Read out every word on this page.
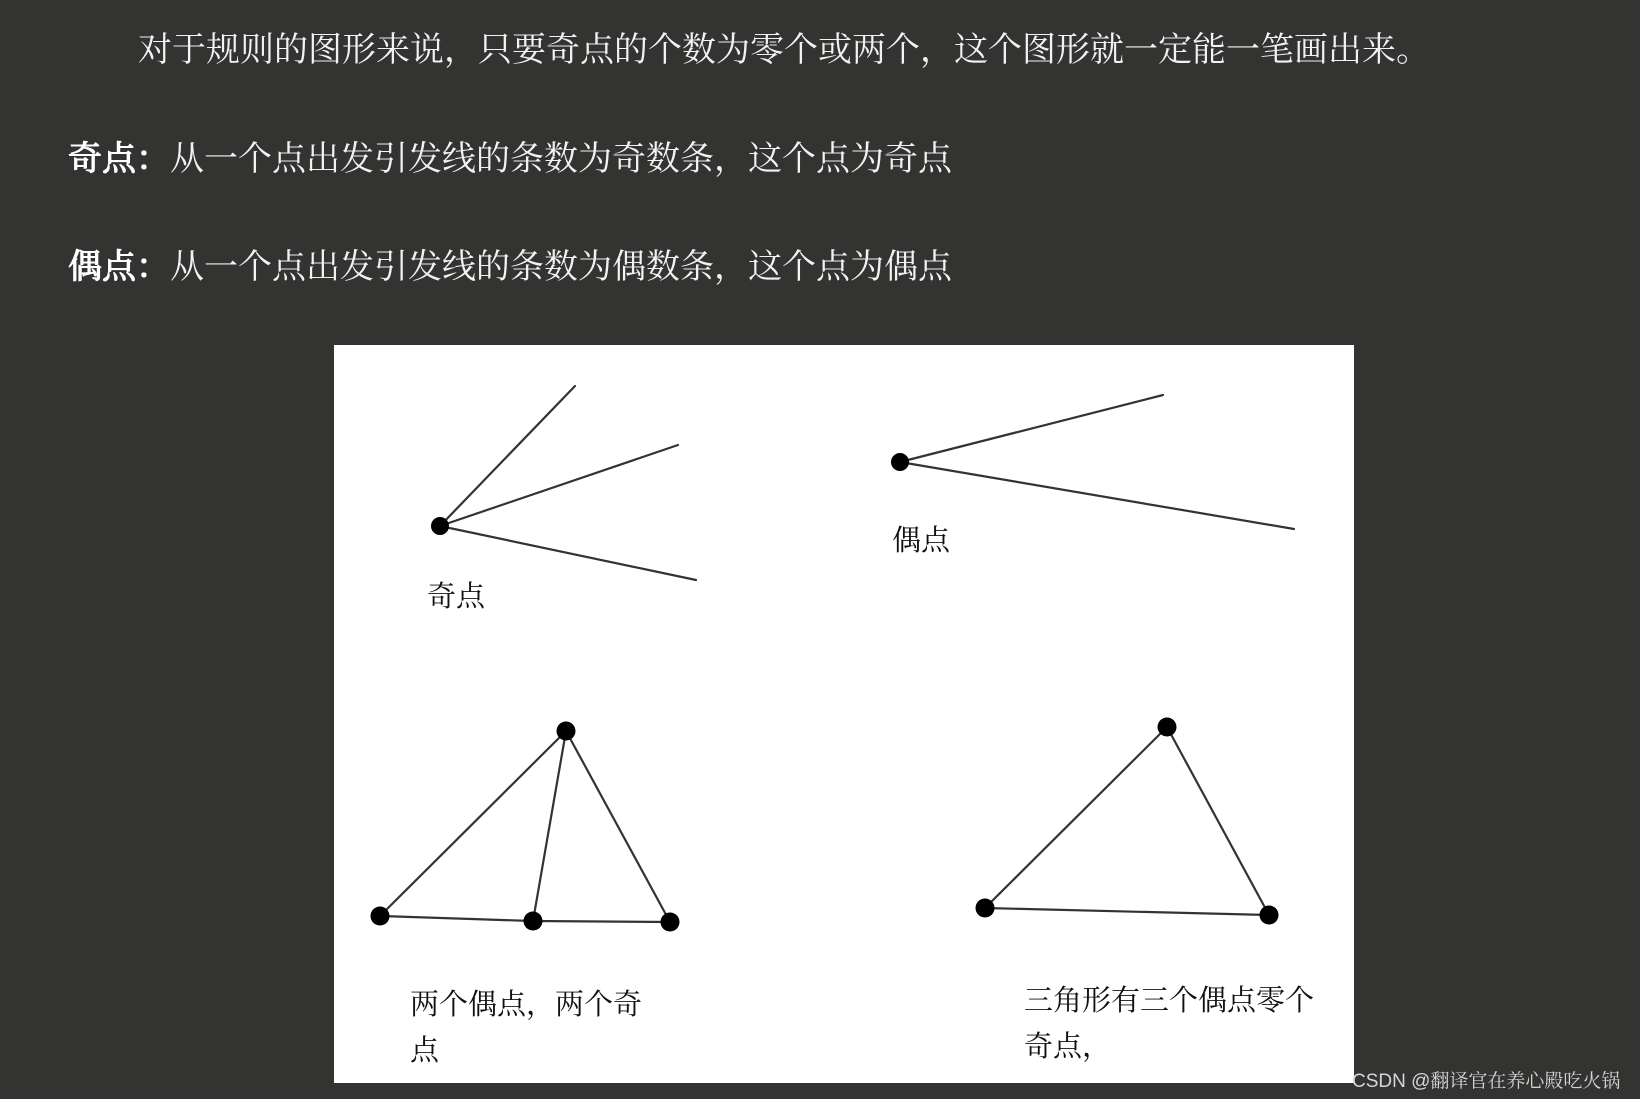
对于规则的图形来说，只要奇点的个数为零个或两个，这个图形就一定能一笔画出来。
奇点：从一个点出发引发线的条数为奇数条，这个点为奇点
偶点：从一个点出发引发线的条数为偶数条，这个点为偶点
奇点
偶点
两个偶点，两个奇点
三角形有三个偶点零个奇点，
CSDN @翻译官在养心殿吃火锅
